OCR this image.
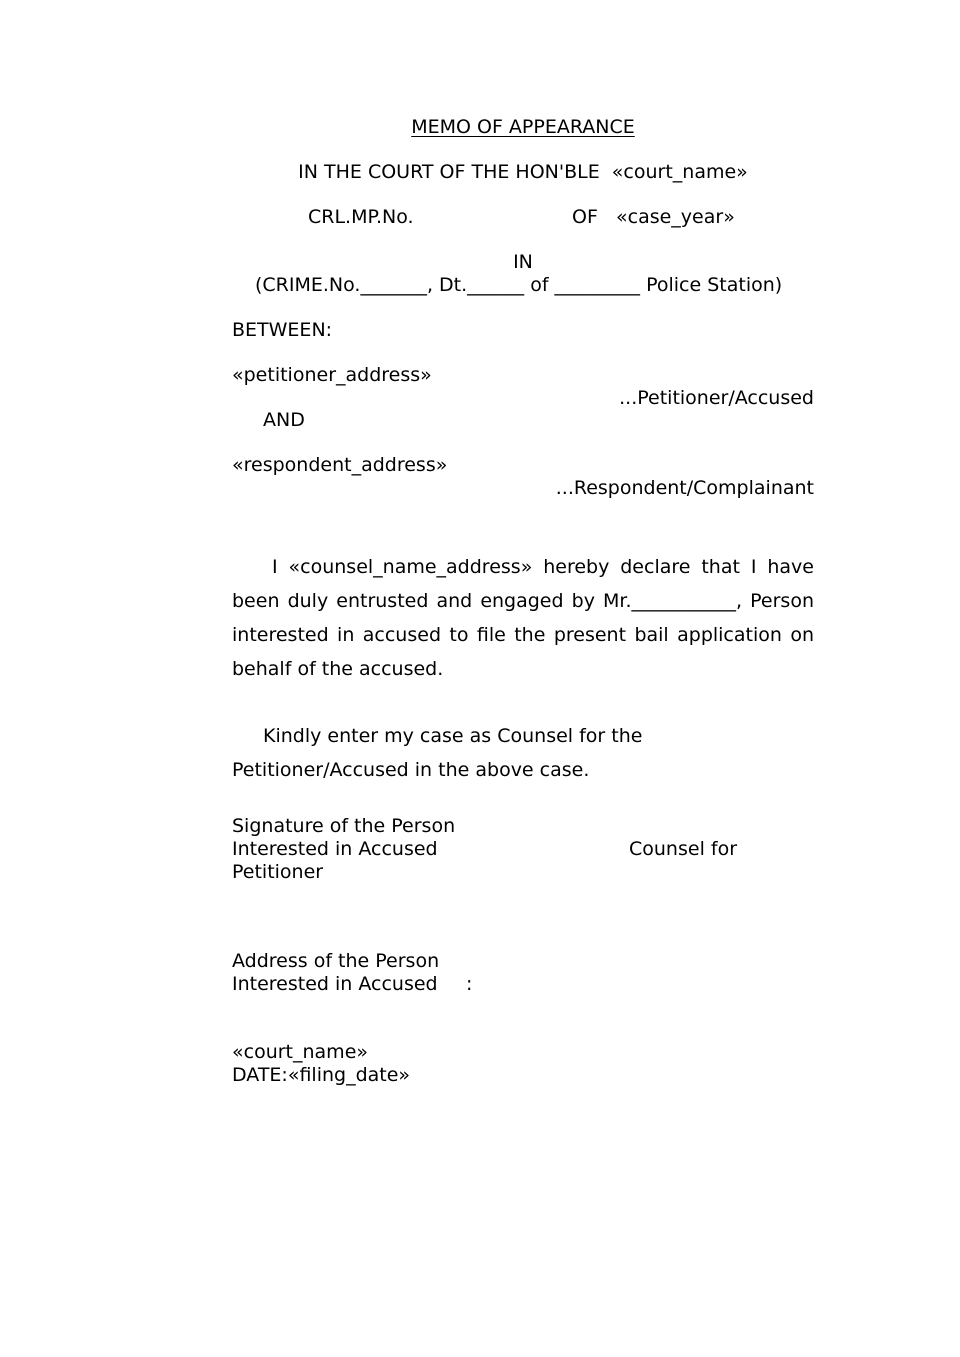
MEMO OF APPEARANCE
IN THE COURT OF THE HON'BLE  «court_name»
CRL.MP.No.	OF   «case_year»
IN
(CRIME.No._______, Dt.______ of _________ Police Station)
BETWEEN:
«petitioner_address»
...Petitioner/Accused
AND
«respondent_address»
...Respondent/Complainant
I «counsel_name_address» hereby declare that I have been duly entrusted and engaged by Mr.___________, Person interested in accused to file the present bail application on behalf of the accused.
Kindly enter my case as Counsel for the
Petitioner/Accused in the above case.
Signature of the Person
Interested in Accused	Counsel for
Petitioner
Address of the Person
Interested in Accused :
«court_name»
DATE:«filing_date»
